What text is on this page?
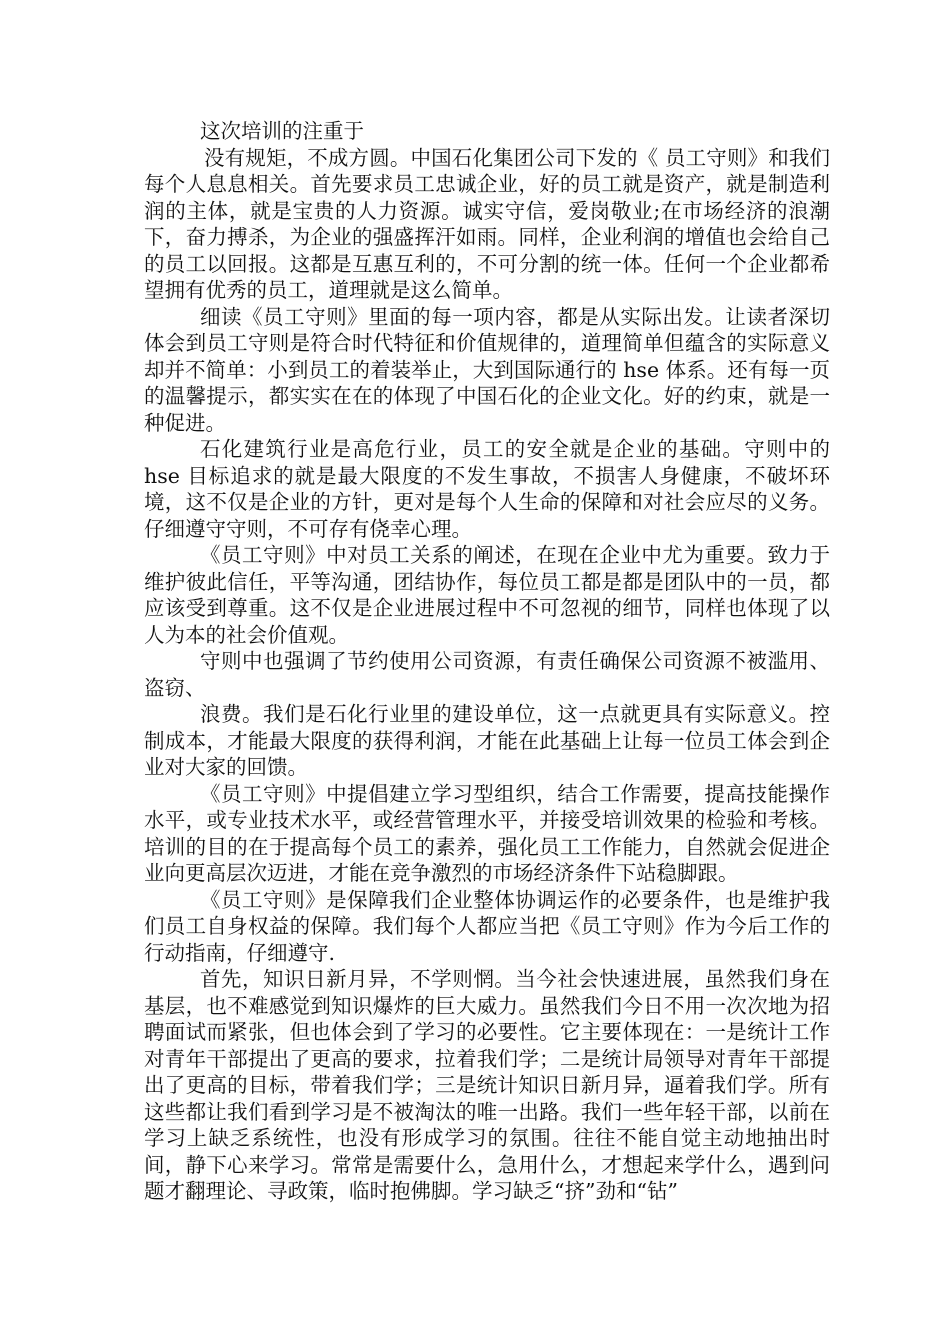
这次培训的注重于

没有规矩，不成方圆。中国石化集团公司下发的《 员工守则》和我们每个人息息相关。首先要求员工忠诚企业，好的员工就是资产，就是制造利润的主体，就是宝贵的人力资源。诚实守信，爱岗敬业;在市场经济的浪潮下，奋力搏杀，为企业的强盛挥汗如雨。同样，企业利润的增值也会给自己的员工以回报。这都是互惠互利的，不可分割的统一体。任何一个企业都希望拥有优秀的员工，道理就是这么简单。

细读《员工守则》里面的每一项内容，都是从实际出发。让读者深切体会到员工守则是符合时代特征和价值规律的，道理简单但蕴含的实际意义却并不简单：小到员工的着装举止，大到国际通行的 hse 体系。还有每一页的温馨提示，都实实在在的体现了中国石化的企业文化。好的约束，就是一种促进。

石化建筑行业是高危行业，员工的安全就是企业的基础。守则中的 hse 目标追求的就是最大限度的不发生事故，不损害人身健康，不破坏环境，这不仅是企业的方针，更对是每个人生命的保障和对社会应尽的义务。仔细遵守守则，不可存有侥幸心理。

《员工守则》中对员工关系的阐述，在现在企业中尤为重要。致力于维护彼此信任，平等沟通，团结协作，每位员工都是都是团队中的一员，都应该受到尊重。这不仅是企业进展过程中不可忽视的细节，同样也体现了以人为本的社会价值观。

守则中也强调了节约使用公司资源，有责任确保公司资源不被滥用、盗窃、

浪费。我们是石化行业里的建设单位，这一点就更具有实际意义。控制成本，才能最大限度的获得利润，才能在此基础上让每一位员工体会到企业对大家的回馈。

《员工守则》中提倡建立学习型组织，结合工作需要，提高技能操作水平，或专业技术水平，或经营管理水平，并接受培训效果的检验和考核。培训的目的在于提高每个员工的素养，强化员工工作能力，自然就会促进企业向更高层次迈进，才能在竞争激烈的市场经济条件下站稳脚跟。

《员工守则》是保障我们企业整体协调运作的必要条件，也是维护我们员工自身权益的保障。我们每个人都应当把《员工守则》作为今后工作的行动指南，仔细遵守.

首先，知识日新月异，不学则惘。当今社会快速进展，虽然我们身在基层，也不难感觉到知识爆炸的巨大威力。虽然我们今日不用一次次地为招聘面试而紧张，但也体会到了学习的必要性。它主要体现在：一是统计工作对青年干部提出了更高的要求，拉着我们学；二是统计局领导对青年干部提出了更高的目标，带着我们学；三是统计知识日新月异，逼着我们学。所有这些都让我们看到学习是不被淘汰的唯一出路。我们一些年轻干部，以前在学习上缺乏系统性，也没有形成学习的氛围。往往不能自觉主动地抽出时间，静下心来学习。常常是需要什么，急用什么，才想起来学什么，遇到问题才翻理论、寻政策，临时抱佛脚。学习缺乏“挤”劲和“钻”
